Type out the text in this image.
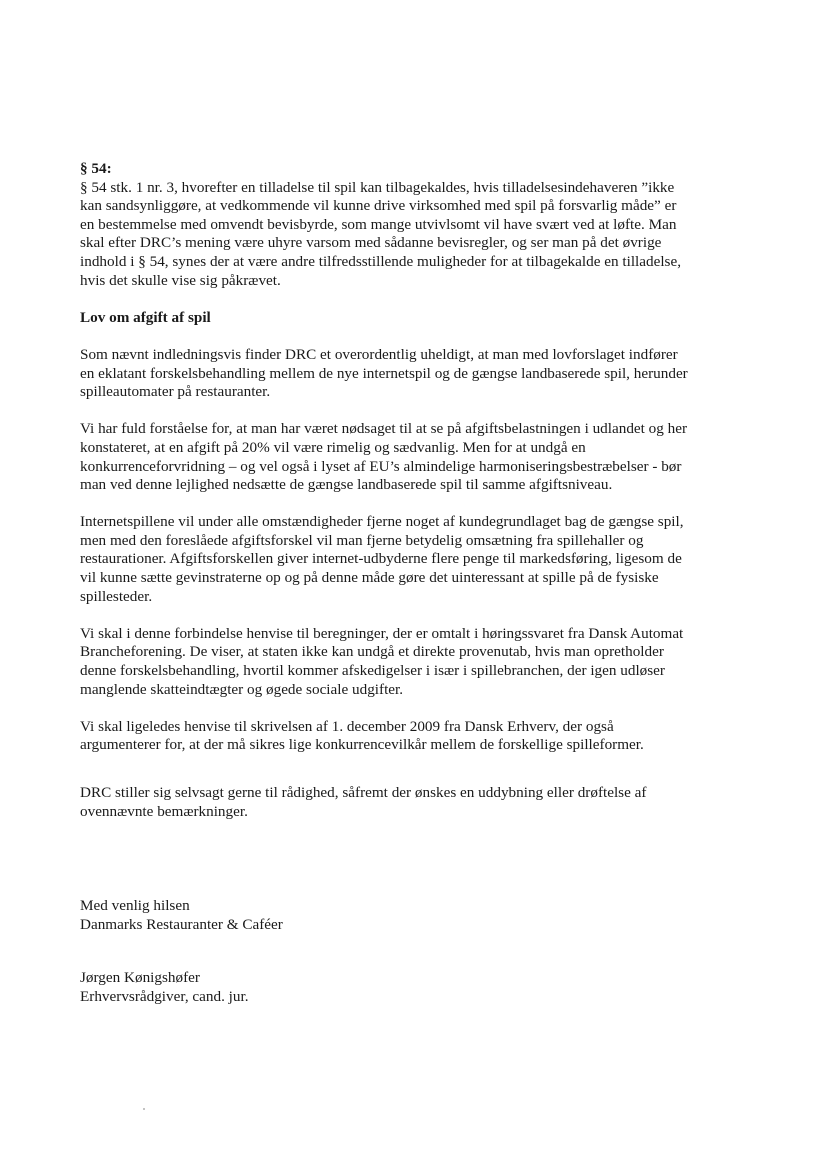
§ 54:

§ 54 stk. 1 nr. 3, hvorefter en tilladelse til spil kan tilbagekaldes, hvis tilladelsesindehaveren ”ikke
kan sandsynliggøre, at vedkommende vil kunne drive virksomhed med spil på forsvarlig måde” er
en bestemmelse med omvendt bevisbyrde, som mange utvivlsomt vil have svært ved at løfte. Man
skal efter DRC’s mening være uhyre varsom med sådanne bevisregler, og ser man på det øvrige
indhold i § 54, synes der at være andre tilfredsstillende muligheder for at tilbagekalde en tilladelse,
hvis det skulle vise sig påkrævet.

Lov om afgift af spil

Som nævnt indledningsvis finder DRC et overordentlig uheldigt, at man med lovforslaget indfører
en eklatant forskelsbehandling mellem de nye internetspil og de gængse landbaserede spil, herunder
spilleautomater på restauranter.

Vi har fuld forståelse for, at man har været nødsaget til at se på afgiftsbelastningen i udlandet og her
konstateret, at en afgift på 20% vil være rimelig og sædvanlig. Men for at undgå en
konkurrenceforvridning – og vel også i lyset af EU’s almindelige harmoniseringsbestræbelser - bør
man ved denne lejlighed nedsætte de gængse landbaserede spil til samme afgiftsniveau.

Internetspillene vil under alle omstændigheder fjerne noget af kundegrundlaget bag de gængse spil,
men med den foreslåede afgiftsforskel vil man fjerne betydelig omsætning fra spillehaller og
restaurationer. Afgiftsforskellen giver internet-udbyderne flere penge til markedsføring, ligesom de
vil kunne sætte gevinstraterne op og på denne måde gøre det uinteressant at spille på de fysiske
spillesteder.

Vi skal i denne forbindelse henvise til beregninger, der er omtalt i høringssvaret fra Dansk Automat
Brancheforening. De viser, at staten ikke kan undgå et direkte provenutab, hvis man opretholder
denne forskelsbehandling, hvortil kommer afskedigelser i især i spillebranchen, der igen udløser
manglende skatteindtægter og øgede sociale udgifter.

Vi skal ligeledes henvise til skrivelsen af 1. december 2009 fra Dansk Erhverv, der også
argumenterer for, at der må sikres lige konkurrencevilkår mellem de forskellige spilleformer.

DRC stiller sig selvsagt gerne til rådighed, såfremt der ønskes en uddybning eller drøftelse af
ovennævnte bemærkninger.

Med venlig hilsen
Danmarks Restauranter & Caféer

Jørgen Kønigshøfer
Erhvervsrådgiver, cand. jur.
